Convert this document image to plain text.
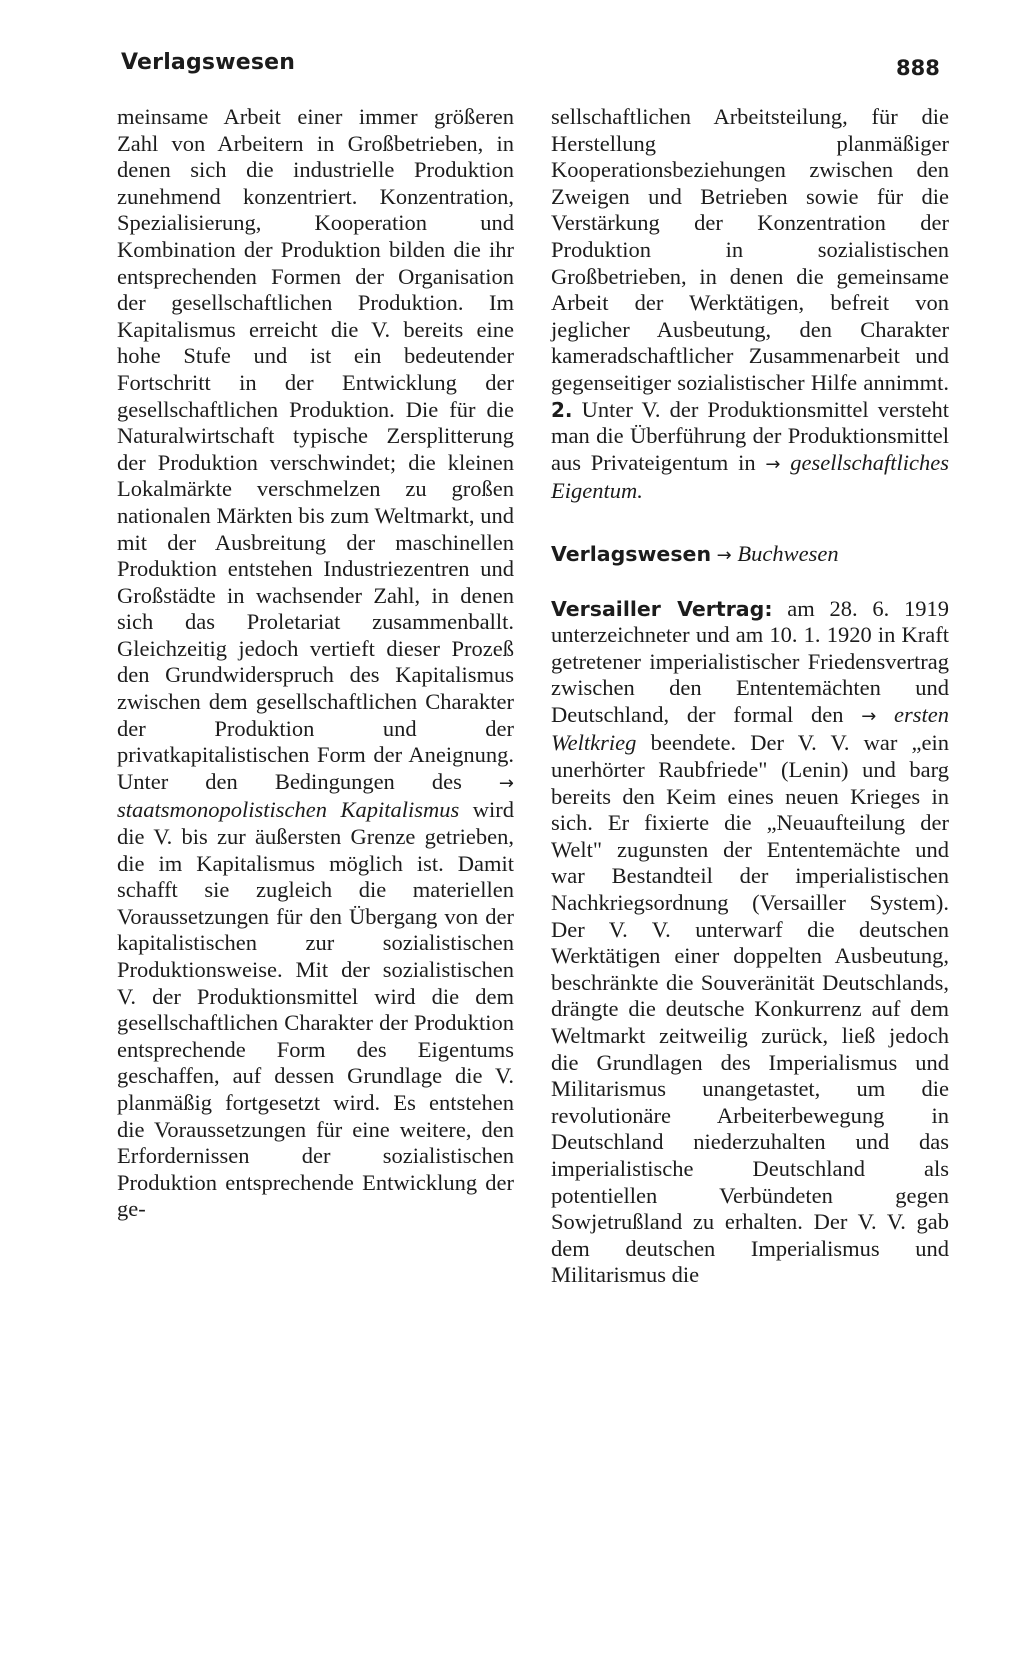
Verlagswesen	888

meinsame Arbeit einer immer größeren Zahl von Arbeitern in Großbetrieben, in denen sich die industrielle Produktion zunehmend konzentriert. Konzentration, Spezialisierung, Kooperation und Kombination der Produktion bilden die ihr entsprechenden Formen der Organisation der gesellschaftlichen Produktion. Im Kapitalismus erreicht die V. bereits eine hohe Stufe und ist ein bedeutender Fortschritt in der Entwicklung der gesellschaftlichen Produktion. Die für die Naturalwirtschaft typische Zersplitterung der Produktion verschwindet; die kleinen Lokalmärkte verschmelzen zu großen nationalen Märkten bis zum Weltmarkt, und mit der Ausbreitung der maschinellen Produktion entstehen Industriezentren und Großstädte in wachsender Zahl, in denen sich das Proletariat zusammenballt. Gleichzeitig jedoch vertieft dieser Prozeß den Grundwiderspruch des Kapitalismus zwischen dem gesellschaftlichen Charakter der Produktion und der privatkapitalistischen Form der Aneignung. Unter den Bedingungen des → staatsmonopolistischen Kapitalismus wird die V. bis zur äußersten Grenze getrieben, die im Kapitalismus möglich ist. Damit schafft sie zugleich die materiellen Voraussetzungen für den Übergang von der kapitalistischen zur sozialistischen Produktionsweise. Mit der sozialistischen V. der Produktionsmittel wird die dem gesellschaftlichen Charakter der Produktion entsprechende Form des Eigentums geschaffen, auf dessen Grundlage die V. planmäßig fortgesetzt wird. Es entstehen die Voraussetzungen für eine weitere, den Erfordernissen der sozialistischen Produktion entsprechende Entwicklung der ge-

sellschaftlichen Arbeitsteilung, für die Herstellung planmäßiger Kooperationsbeziehungen zwischen den Zweigen und Betrieben sowie für die Verstärkung der Konzentration der Produktion in sozialistischen Großbetrieben, in denen die gemeinsame Arbeit der Werktätigen, befreit von jeglicher Ausbeutung, den Charakter kameradschaftlicher Zusammenarbeit und gegenseitiger sozialistischer Hilfe annimmt. 2. Unter V. der Produktionsmittel versteht man die Überführung der Produktionsmittel aus Privateigentum in → gesellschaftliches Eigentum.

Verlagswesen → Buchwesen

Versailler Vertrag: am 28. 6. 1919 unterzeichneter und am 10. 1. 1920 in Kraft getretener imperialistischer Friedensvertrag zwischen den Ententemächten und Deutschland, der formal den → ersten Weltkrieg beendete. Der V. V. war „ein unerhörter Raubfriede" (Lenin) und barg bereits den Keim eines neuen Krieges in sich. Er fixierte die „Neuaufteilung der Welt" zugunsten der Ententemächte und war Bestandteil der imperialistischen Nachkriegsordnung (Versailler System). Der V. V. unterwarf die deutschen Werktätigen einer doppelten Ausbeutung, beschränkte die Souveränität Deutschlands, drängte die deutsche Konkurrenz auf dem Weltmarkt zeitweilig zurück, ließ jedoch die Grundlagen des Imperialismus und Militarismus unangetastet, um die revolutionäre Arbeiterbewegung in Deutschland niederzuhalten und das imperialistische Deutschland als potentiellen Verbündeten gegen Sowjetrußland zu erhalten. Der V. V. gab dem deutschen Imperialismus und Militarismus die
